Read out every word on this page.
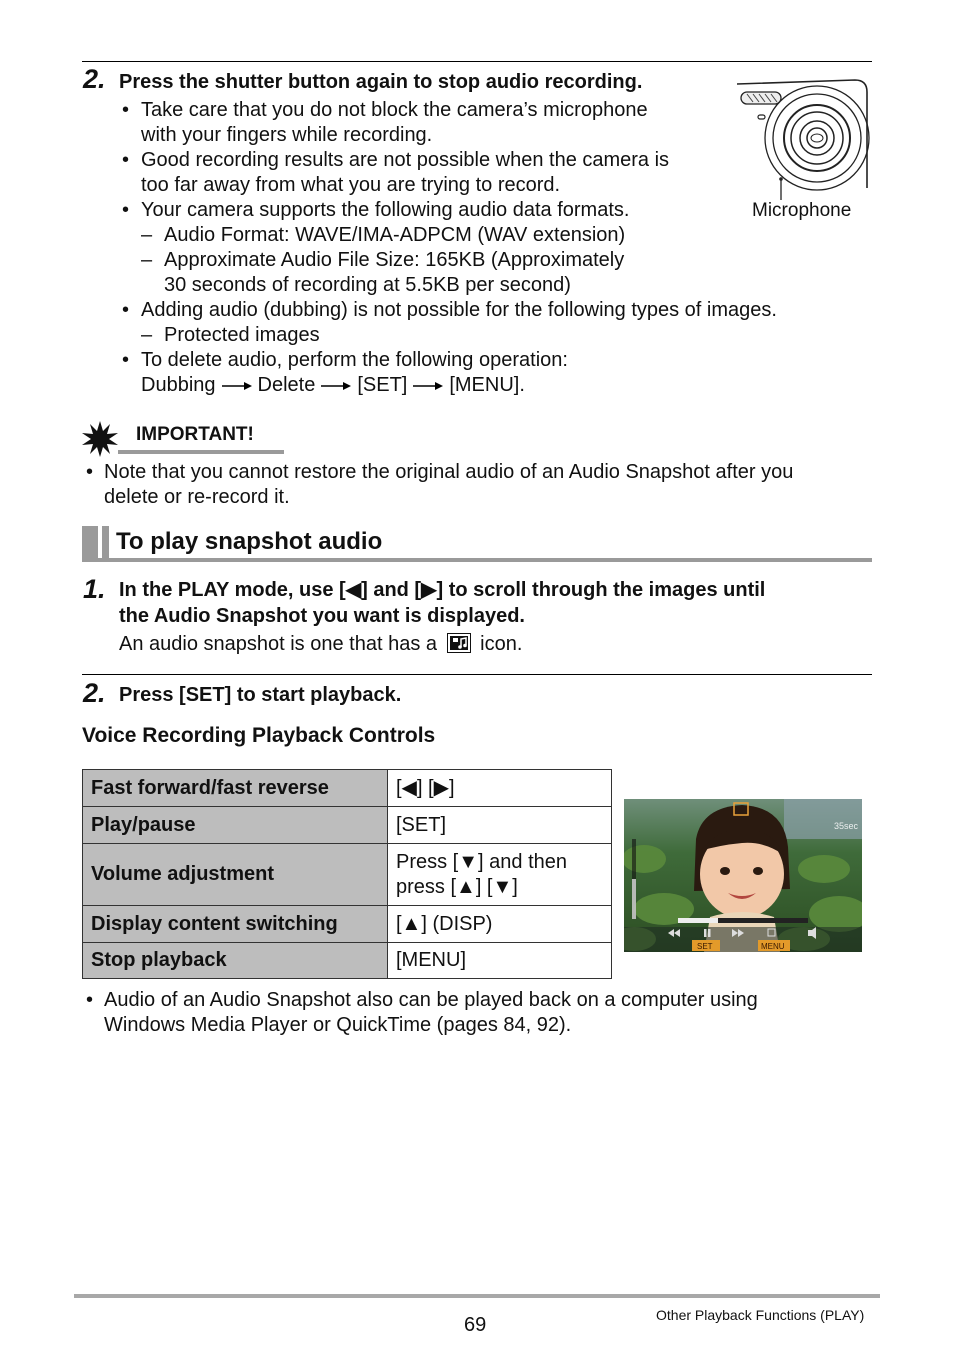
2. Press the shutter button again to stop audio recording.
• Take care that you do not block the camera’s microphone
with your fingers while recording.
• Good recording results are not possible when the camera is
too far away from what you are trying to record.
• Your camera supports the following audio data formats.
– Audio Format: WAVE/IMA-ADPCM (WAV extension)
– Approximate Audio File Size: 165KB (Approximately
30 seconds of recording at 5.5KB per second)
• Adding audio (dubbing) is not possible for the following types of images.
– Protected images
• To delete audio, perform the following operation:
Dubbing Delete [SET] [MENU].
Microphone
IMPORTANT!
• Note that you cannot restore the original audio of an Audio Snapshot after you
delete or re-record it.
To play snapshot audio
1. In the PLAY mode, use [◀] and [▶] to scroll through the images until
the Audio Snapshot you want is displayed.
An audio snapshot is one that has a icon.
2. Press [SET] to start playback.
Voice Recording Playback Controls
Fast forward/fast reverse	[◀] [▶]
Play/pause	[SET]
Volume adjustment	Press [▼] and then
press [▲] [▼]

Display content switching	[▲] (DISP)
Stop playback	[MENU]
35sec
SET	MENU
• Audio of an Audio Snapshot also can be played back on a computer using
Windows Media Player or QuickTime (pages 84, 92).
69	Other Playback Functions (PLAY)
